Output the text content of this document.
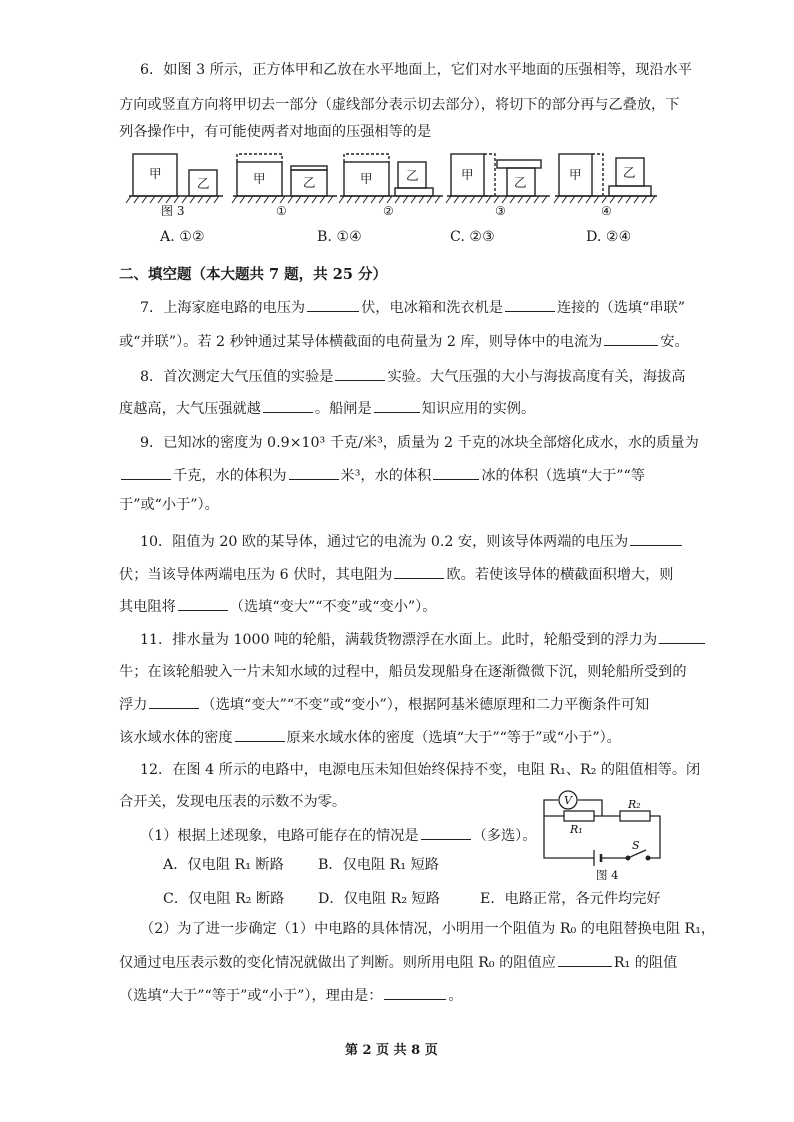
6．如图 3 所示，正方体甲和乙放在水平地面上，它们对水平地面的压强相等，现沿水平
方向或竖直方向将甲切去一部分（虚线部分表示切去部分），将切下的部分再与乙叠放，下
列各操作中，有可能使两者对地面的压强相等的是
甲
乙	甲	乙	甲	乙	甲
乙
甲	乙
图 3	①	②	③	④
A. ①②	B. ①④	C. ②③	D. ②④
二、填空题（本大题共 7 题，共 25 分）
7．上海家庭电路的电压为	伏，电冰箱和洗衣机是	连接的（选填“串联”
或“并联”）。若 2 秒钟通过某导体横截面的电荷量为 2 库，则导体中的电流为	安。
8．首次测定大气压值的实验是	实验。大气压强的大小与海拔高度有关，海拔高
度越高，大气压强就越	。船闸是	知识应用的实例。
9．已知冰的密度为 0.9×10³ 千克/米³，质量为 2 千克的冰块全部熔化成水，水的质量为
千克，水的体积为	米³，水的体积	冰的体积（选填“大于”“等
于”或“小于”）。
10．阻值为 20 欧的某导体，通过它的电流为 0.2 安，则该导体两端的电压为
伏；当该导体两端电压为 6 伏时，其电阻为	欧。若使该导体的横截面积增大，则
其电阻将	（选填“变大”“不变”或“变小”）。
11．排水量为 1000 吨的轮船，满载货物漂浮在水面上。此时，轮船受到的浮力为
牛；在该轮船驶入一片未知水域的过程中，船员发现船身在逐渐微微下沉，则轮船所受到的
浮力	（选填“变大”“不变”或“变小”），根据阿基米德原理和二力平衡条件可知
该水域水体的密度	原来水域水体的密度（选填“大于”“等于”或“小于”）。
12．在图 4 所示的电路中，电源电压未知但始终保持不变，电阻 R₁、R₂ 的阻值相等。闭
合开关，发现电压表的示数不为零。
（1）根据上述现象，电路可能存在的情况是	（多选）。
A．仅电阻 R₁ 断路 B．仅电阻 R₁ 短路
C．仅电阻 R₂ 断路 D．仅电阻 R₂ 短路	E．电路正常，各元件均完好
V
R₁
R₂
S
图 4
（2）为了进一步确定（1）中电路的具体情况，小明用一个阻值为 R₀ 的电阻替换电阻 R₁，
仅通过电压表示数的变化情况就做出了判断。则所用电阻 R₀ 的阻值应	R₁ 的阻值
（选填“大于”“等于”或“小于”），理由是：	。
第 2 页 共 8 页
